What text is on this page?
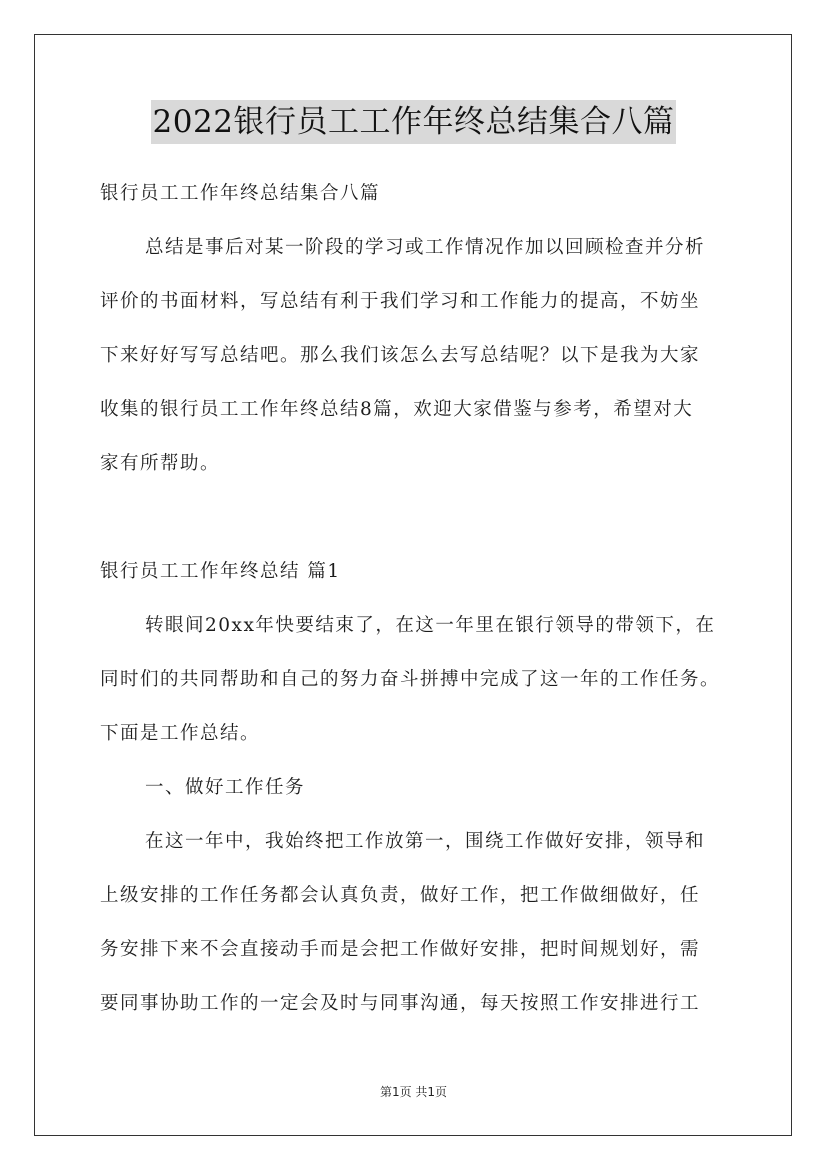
2022银行员工工作年终总结集合八篇
银行员工工作年终总结集合八篇
总结是事后对某一阶段的学习或工作情况作加以回顾检查并分析
评价的书面材料，写总结有利于我们学习和工作能力的提高，不妨坐
下来好好写写总结吧。那么我们该怎么去写总结呢？以下是我为大家
收集的银行员工工作年终总结8篇，欢迎大家借鉴与参考，希望对大
家有所帮助。
银行员工工作年终总结 篇1
转眼间20xx年快要结束了，在这一年里在银行领导的带领下，在
同时们的共同帮助和自己的努力奋斗拼搏中完成了这一年的工作任务。
下面是工作总结。
一、做好工作任务
在这一年中，我始终把工作放第一，围绕工作做好安排，领导和
上级安排的工作任务都会认真负责，做好工作，把工作做细做好，任
务安排下来不会直接动手而是会把工作做好安排，把时间规划好，需
要同事协助工作的一定会及时与同事沟通，每天按照工作安排进行工
第1页 共1页
